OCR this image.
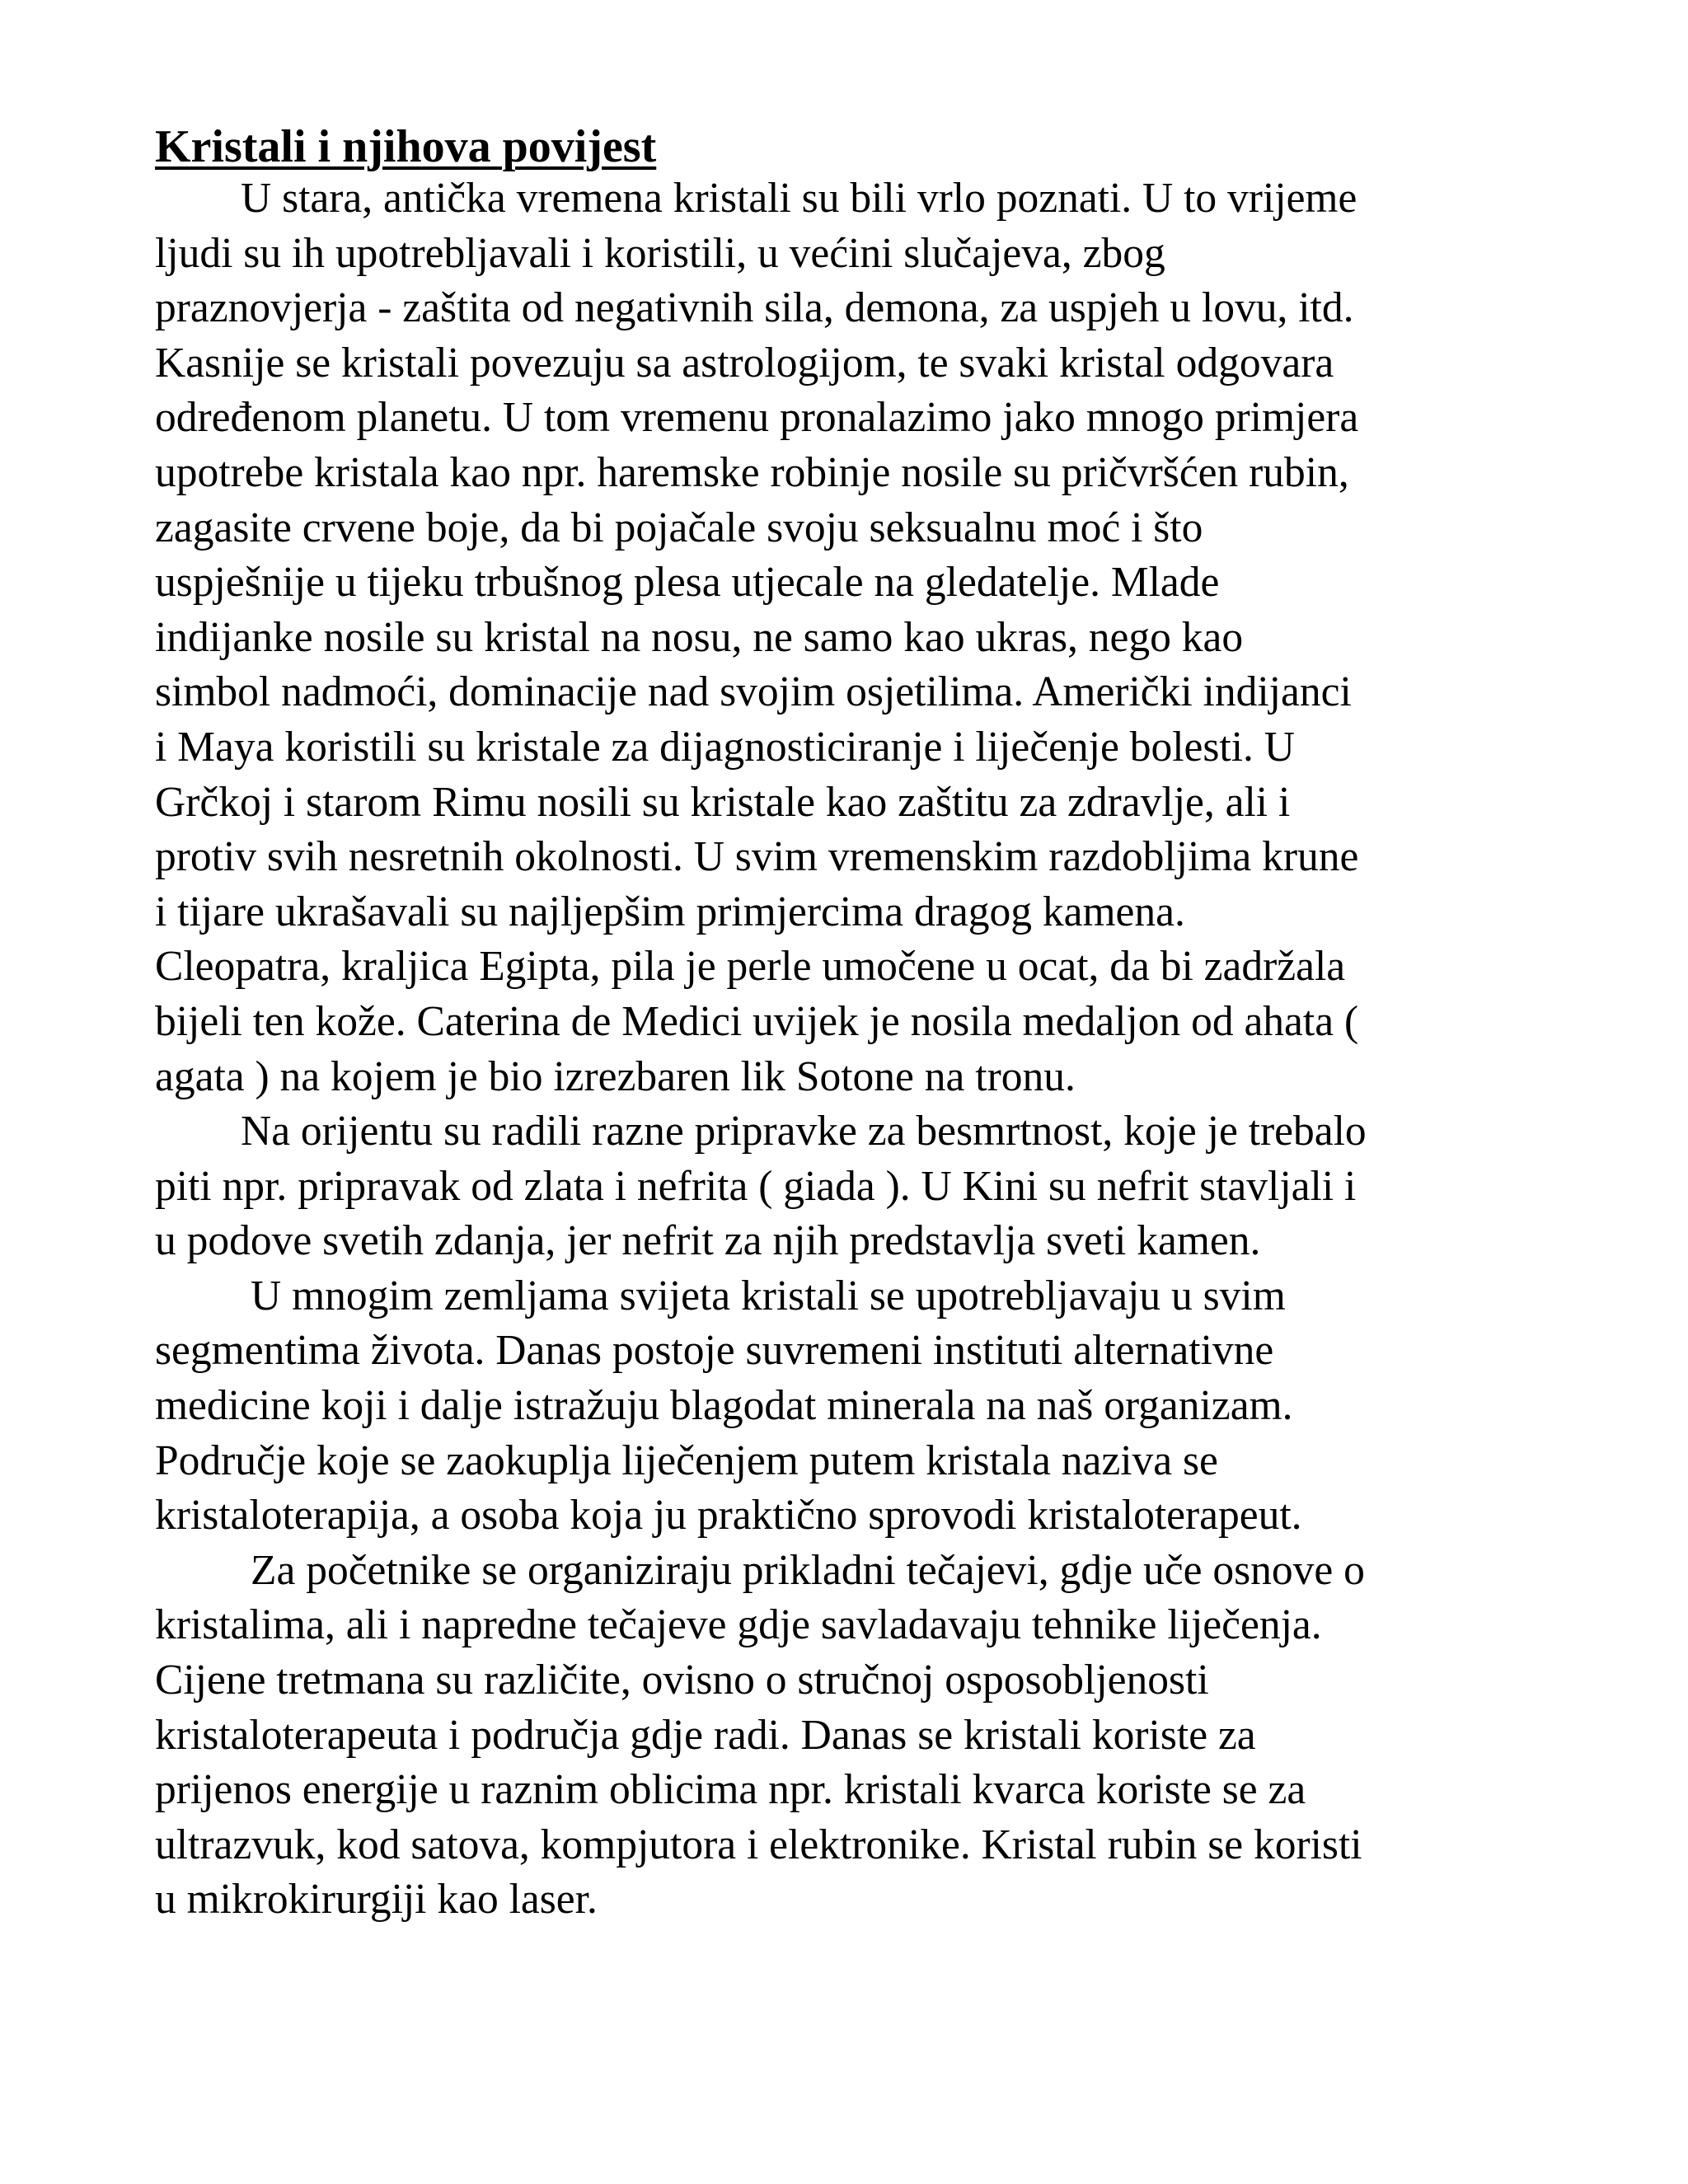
Kristali i njihova povijest
U stara, antička vremena kristali su bili vrlo poznati. U to vrijeme
ljudi su ih upotrebljavali i koristili, u većini slučajeva, zbog
praznovjerja - zaštita od negativnih sila, demona, za uspjeh u lovu, itd.
Kasnije se kristali povezuju sa astrologijom, te svaki kristal odgovara
određenom planetu. U tom vremenu pronalazimo jako mnogo primjera
upotrebe kristala kao npr. haremske robinje nosile su pričvršćen rubin,
zagasite crvene boje, da bi pojačale svoju seksualnu moć i što
uspješnije u tijeku trbušnog plesa utjecale na gledatelje. Mlade
indijanke nosile su kristal na nosu, ne samo kao ukras, nego kao
simbol nadmoći, dominacije nad svojim osjetilima. Američki indijanci
i Maya koristili su kristale za dijagnosticiranje i liječenje bolesti. U
Grčkoj i starom Rimu nosili su kristale kao zaštitu za zdravlje, ali i
protiv svih nesretnih okolnosti. U svim vremenskim razdobljima krune
i tijare ukrašavali su najljepšim primjercima dragog kamena.
Cleopatra, kraljica Egipta, pila je perle umočene u ocat, da bi zadržala
bijeli ten kože. Caterina de Medici uvijek je nosila medaljon od ahata (
agata ) na kojem je bio izrezbaren lik Sotone na tronu.
Na orijentu su radili razne pripravke za besmrtnost, koje je trebalo
piti npr. pripravak od zlata i nefrita ( giada ). U Kini su nefrit stavljali i
u podove svetih zdanja, jer nefrit za njih predstavlja sveti kamen.
U mnogim zemljama svijeta kristali se upotrebljavaju u svim
segmentima života. Danas postoje suvremeni instituti alternativne
medicine koji i dalje istražuju blagodat minerala na naš organizam.
Područje koje se zaokuplja liječenjem putem kristala naziva se
kristaloterapija, a osoba koja ju praktično sprovodi kristaloterapeut.
Za početnike se organiziraju prikladni tečajevi, gdje uče osnove o
kristalima, ali i napredne tečajeve gdje savladavaju tehnike liječenja.
Cijene tretmana su različite, ovisno o stručnoj osposobljenosti
kristaloterapeuta i područja gdje radi. Danas se kristali koriste za
prijenos energije u raznim oblicima npr. kristali kvarca koriste se za
ultrazvuk, kod satova, kompjutora i elektronike. Kristal rubin se koristi
u mikrokirurgiji kao laser.
